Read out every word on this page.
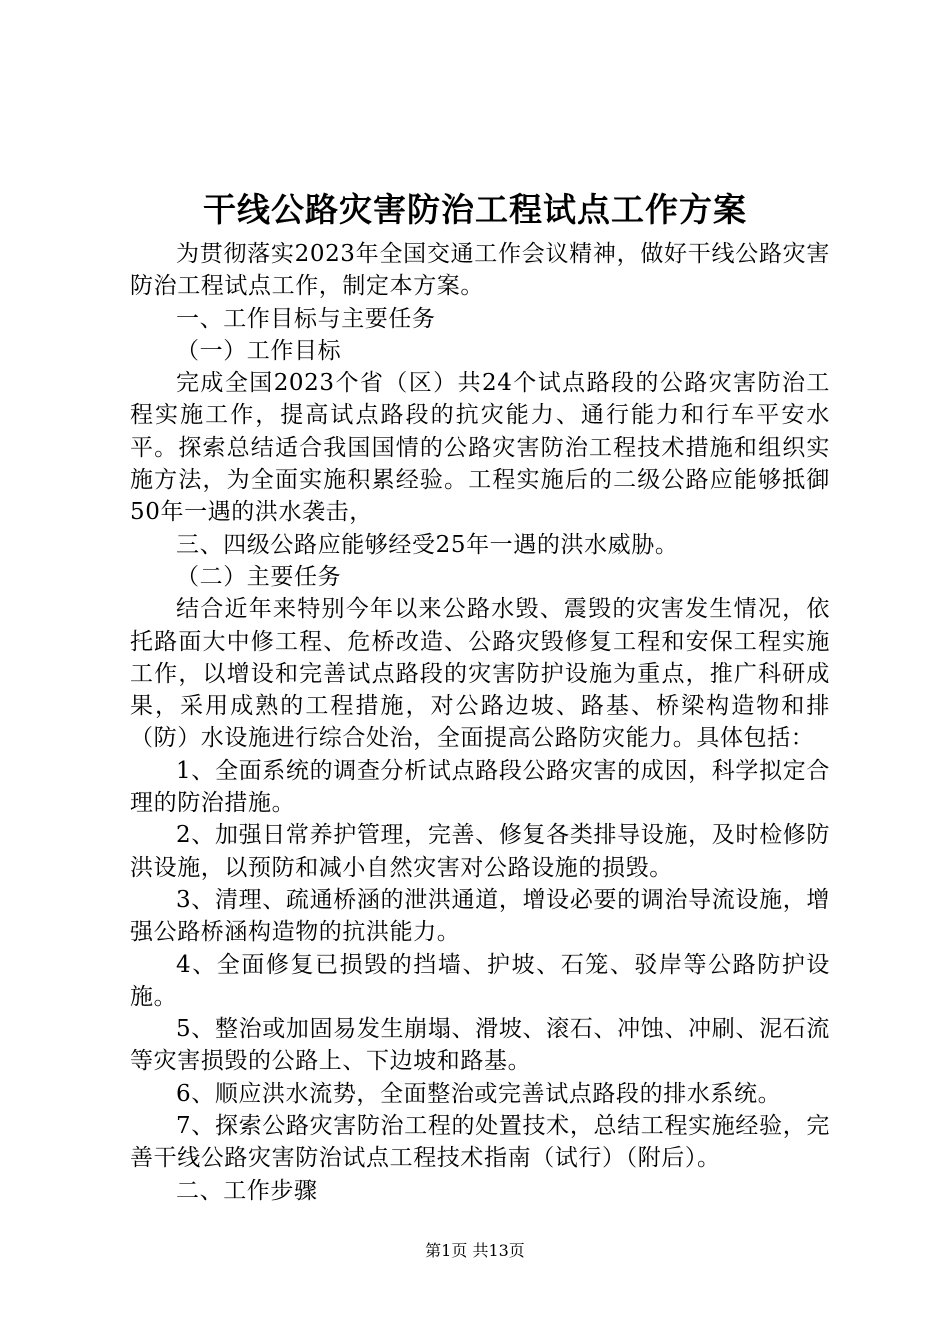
干线公路灾害防治工程试点工作方案

为贯彻落实2023年全国交通工作会议精神，做好干线公路灾害防治工程试点工作，制定本方案。

一、工作目标与主要任务

（一）工作目标

完成全国2023个省（区）共24个试点路段的公路灾害防治工程实施工作，提高试点路段的抗灾能力、通行能力和行车平安水平。探索总结适合我国国情的公路灾害防治工程技术措施和组织实施方法，为全面实施积累经验。工程实施后的二级公路应能够抵御50年一遇的洪水袭击，

三、四级公路应能够经受25年一遇的洪水威胁。

（二）主要任务

结合近年来特别今年以来公路水毁、震毁的灾害发生情况，依托路面大中修工程、危桥改造、公路灾毁修复工程和安保工程实施工作，以增设和完善试点路段的灾害防护设施为重点，推广科研成果，采用成熟的工程措施，对公路边坡、路基、桥梁构造物和排（防）水设施进行综合处治，全面提高公路防灾能力。具体包括：

1、全面系统的调查分析试点路段公路灾害的成因，科学拟定合理的防治措施。

2、加强日常养护管理，完善、修复各类排导设施，及时检修防洪设施，以预防和减小自然灾害对公路设施的损毁。

3、清理、疏通桥涵的泄洪通道，增设必要的调治导流设施，增强公路桥涵构造物的抗洪能力。

4、全面修复已损毁的挡墙、护坡、石笼、驳岸等公路防护设施。

5、整治或加固易发生崩塌、滑坡、滚石、冲蚀、冲刷、泥石流等灾害损毁的公路上、下边坡和路基。

6、顺应洪水流势，全面整治或完善试点路段的排水系统。

7、探索公路灾害防治工程的处置技术，总结工程实施经验，完善干线公路灾害防治试点工程技术指南（试行）（附后）。

二、工作步骤

第1页 共13页
